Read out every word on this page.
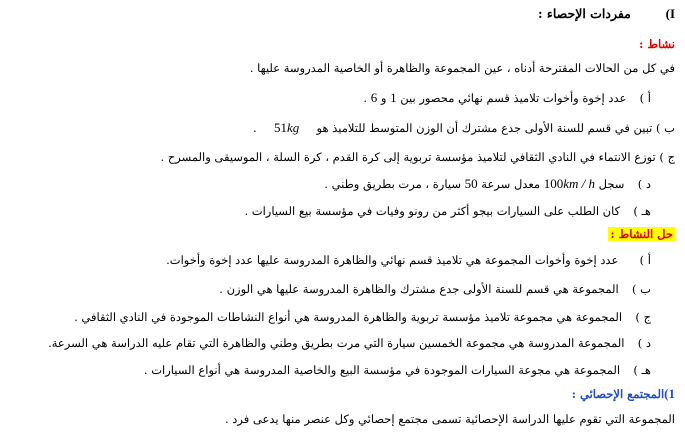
I)  مفردات الإحصاء :
نشاط :
في كل من الحالات المقترحة أدناه ، عين المجموعة والظاهرة أو الخاصية المدروسة عليها .
أ )  عدد إخوة وأخوات تلاميذ قسم نهائي محصور بين 1 و 6 .
ب ) تبين في قسم للسنة الأولى جدع مشترك أن الوزن المتوسط للتلاميذ هو  51kg  .
ج ) توزع الانتماء في النادي الثقافي لتلاميذ مؤسسة تربوية إلى كرة القدم ، كرة السلة ، الموسيقى والمسرح .
د )  سجل 100km / h معدل سرعة 50 سيارة ، مرت بطريق وطني .
هـ )  كان الطلب على السيارات بيجو أكثر من رونو وفيات في مؤسسة بيع السيارات .
حل النشاط :
أ )  عدد إخوة وأخوات المجموعة هي تلاميذ قسم نهائي والظاهرة المدروسة عليها عدد إخوة وأخوات.
ب )  المجموعة هي قسم للسنة الأولى جدع مشترك والظاهرة المدروسة عليها هي الوزن .
ج )  المجموعة هي مجموعة تلاميذ مؤسسة تربوية والظاهرة المدروسة هي أنواع النشاطات الموجودة في النادي الثقافي .
د )  المجموعة المدروسة هي مجموعة الخمسين سيارة التي مرت بطريق وطني والظاهرة التي تقام عليه الدراسة هي السرعة.
هـ )  المجموعة هي مجوعة السيارات الموجودة في مؤسسة البيع والخاصية المدروسة هي أنواع السيارات .
1)المجتمع الإحصائي :
المجموعة التي تقوم عليها الدراسة الإحصائية تسمى مجتمع إحصائي وكل عنصر منها يدعى فرد .
